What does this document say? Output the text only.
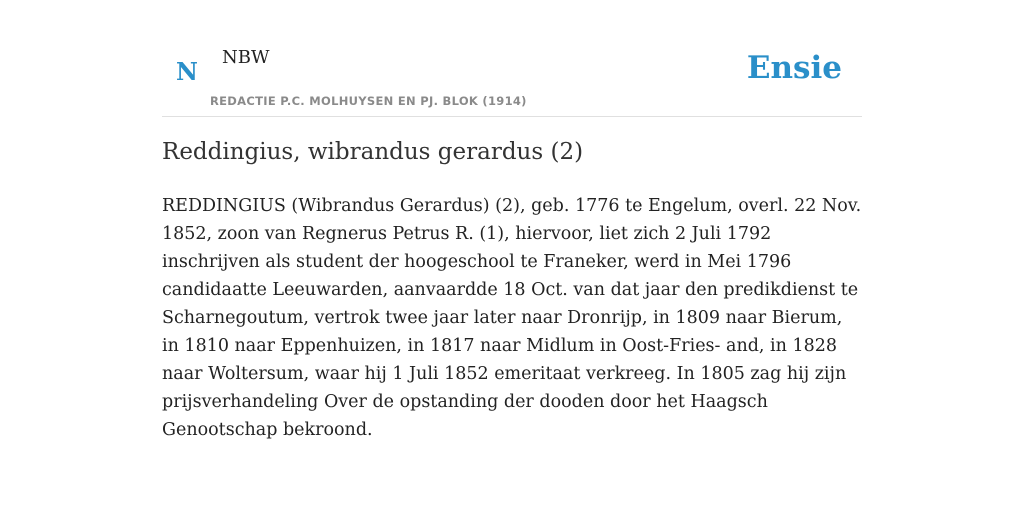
N NBW
REDACTIE P.C. MOLHUYSEN EN PJ. BLOK (1914)
Ensie
Reddingius, wibrandus gerardus (2)

REDDINGIUS (Wibrandus Gerardus) (2), geb. 1776 te Engelum, overl. 22 Nov. 1852, zoon van Regnerus Petrus R. (1), hiervoor, liet zich 2 Juli 1792 inschrijven als student der hoogeschool te Franeker, werd in Mei 1796 candidaatte Leeuwarden, aanvaardde 18 Oct. van dat jaar den predikdienst te Scharnegoutum, vertrok twee jaar later naar Dronrijp, in 1809 naar Bierum, in 1810 naar Eppenhuizen, in 1817 naar Midlum in Oost-Fries- and, in 1828 naar Woltersum, waar hij 1 Juli 1852 emeritaat verkreeg. In 1805 zag hij zijn prijsverhandeling Over de opstanding der dooden door het Haagsch Genootschap bekroond.
